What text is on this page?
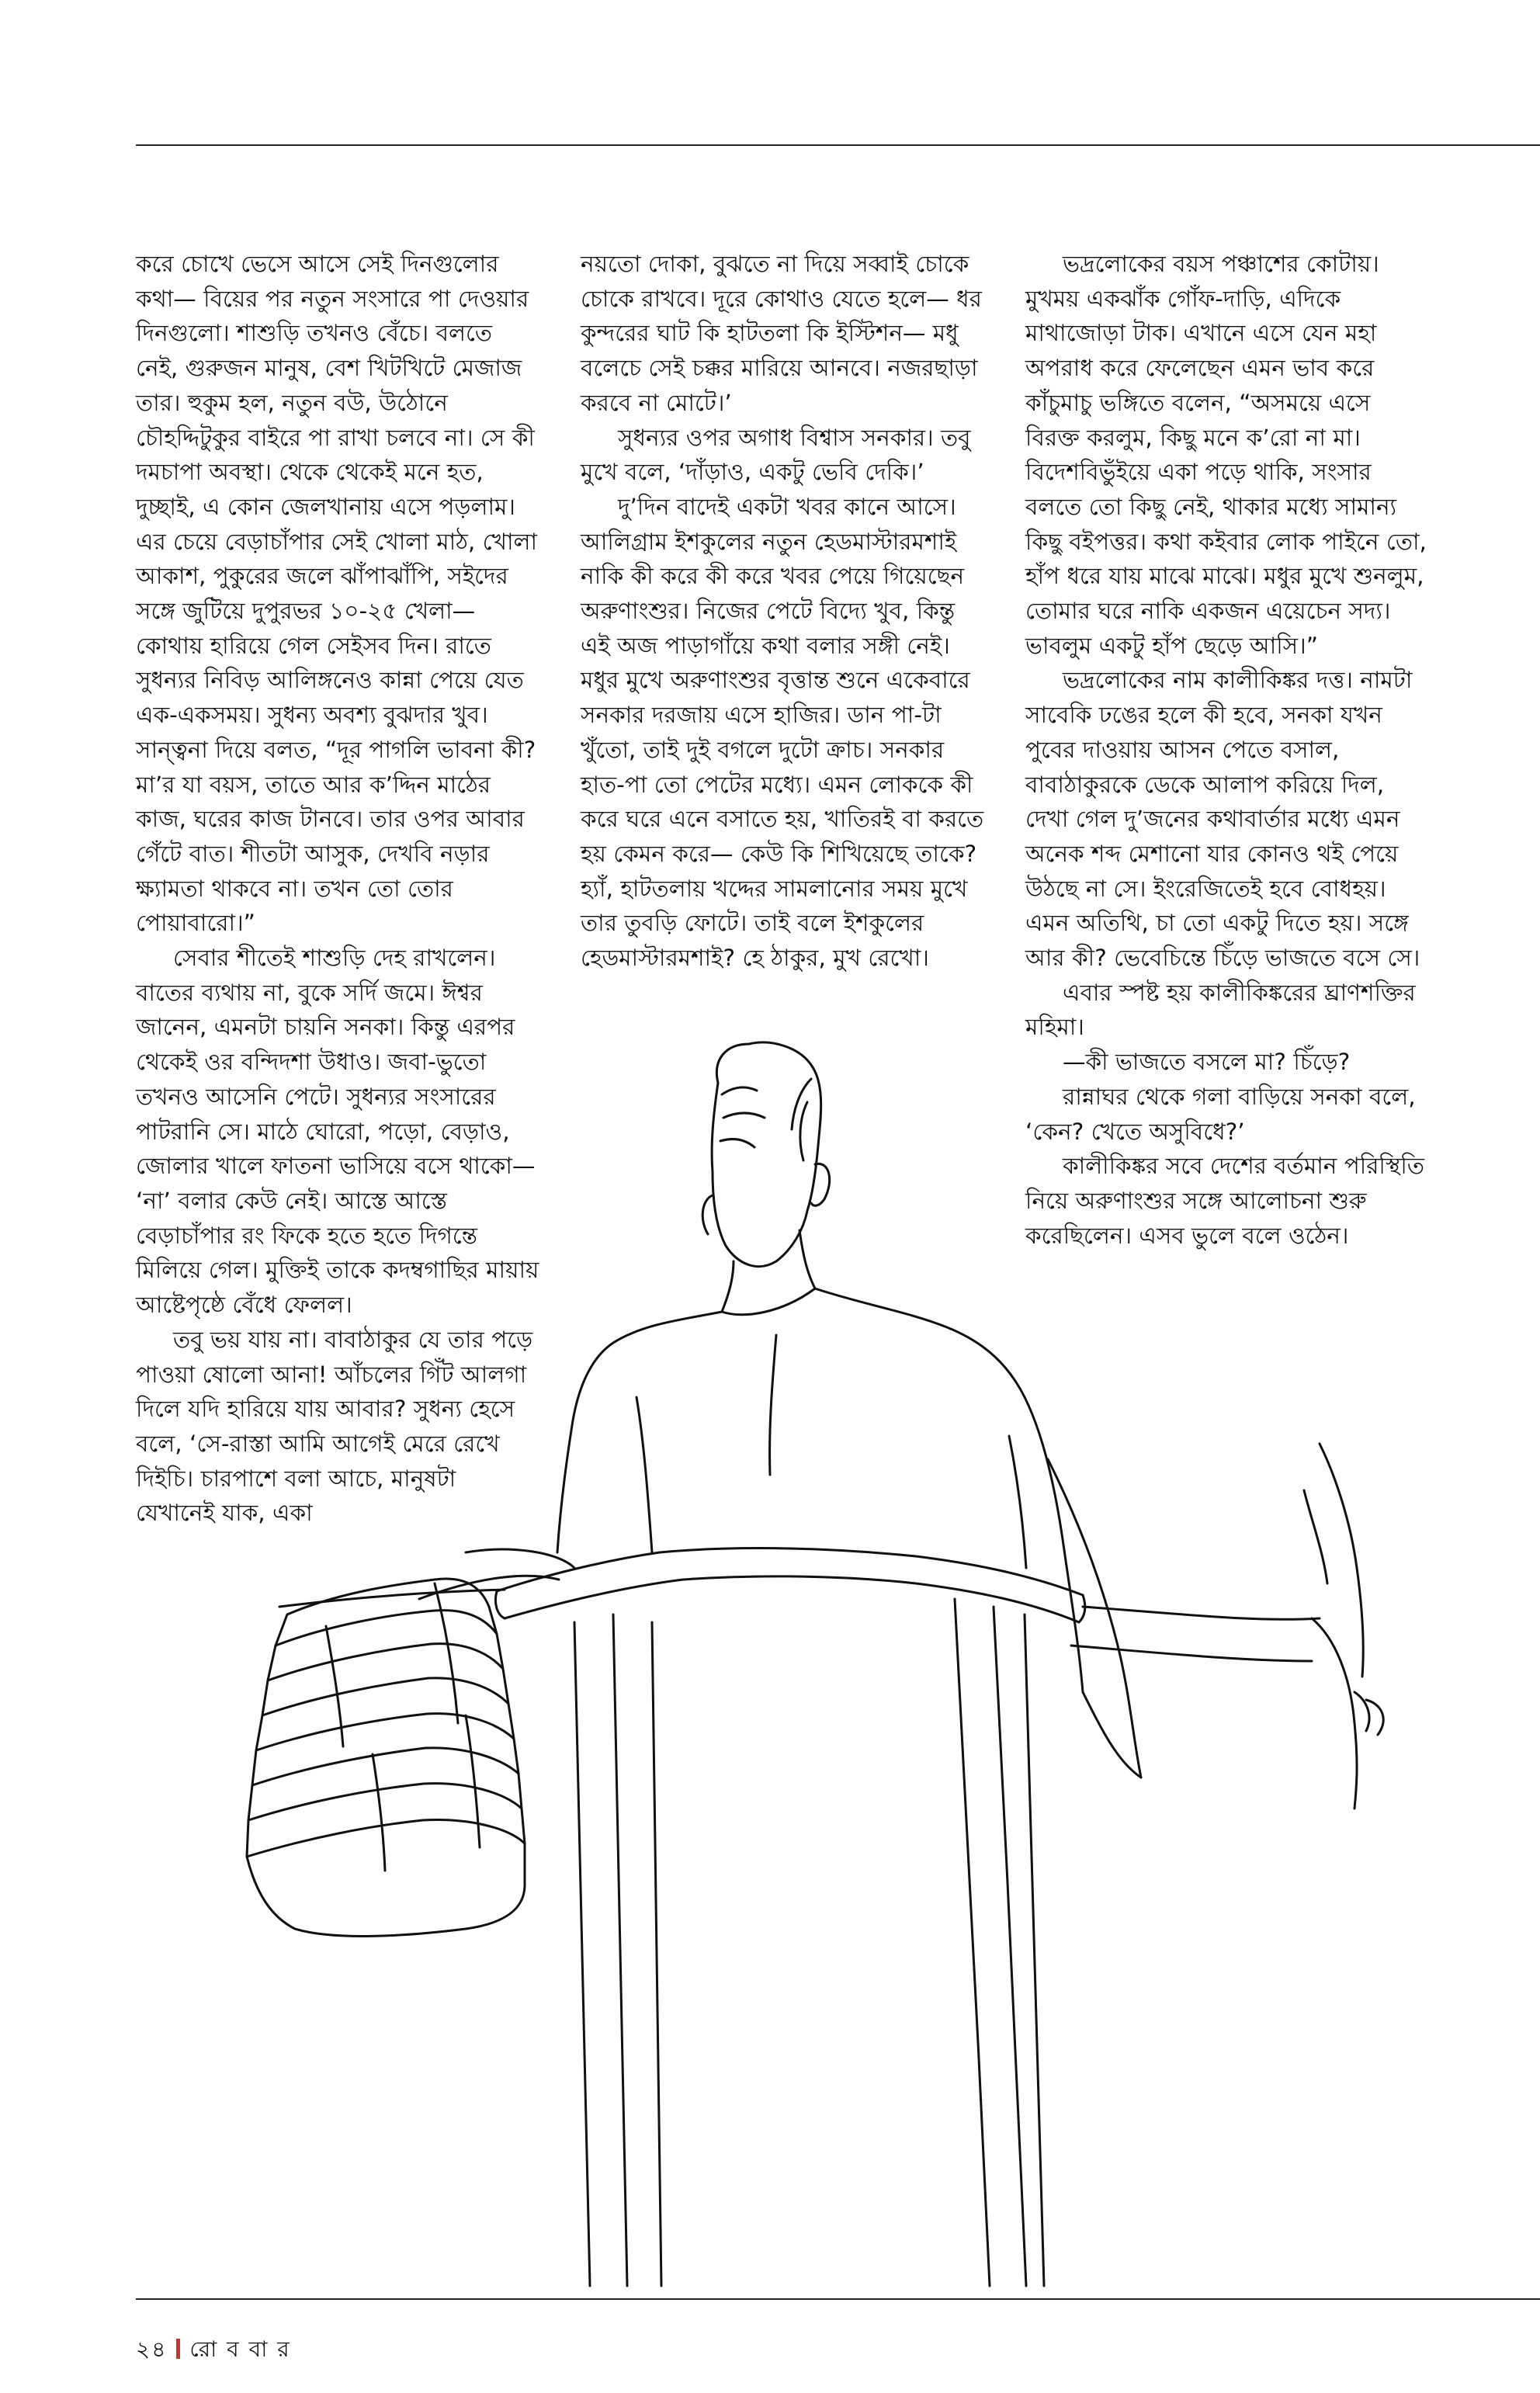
করে চোখে ভেসে আসে সেই দিনগুলোর কথা— বিয়ের পর নতুন সংসারে পা দেওয়ার দিনগুলো। শাশুড়ি তখনও বেঁচে। বলতে নেই, গুরুজন মানুষ, বেশ খিটখিটে মেজাজ তার। হুকুম হল, নতুন বউ, উঠোনে চৌহদ্দিটুকুর বাইরে পা রাখা চলবে না। সে কী দমচাপা অবস্থা। থেকে থেকেই মনে হত, দুচ্ছাই, এ কোন জেলখানায় এসে পড়লাম। এর চেয়ে বেড়াচাঁপার সেই খোলা মাঠ, খোলা আকাশ, পুকুরের জলে ঝাঁপাঝাঁপি, সইদের সঙ্গে জুটিয়ে দুপুরভর ১০-২৫ খেলা— কোথায় হারিয়ে গেল সেইসব দিন। রাতে সুধন্যর নিবিড় আলিঙ্গনেও কান্না পেয়ে যেত এক-একসময়। সুধন্য অবশ্য বুঝদার খুব। সান্ত্বনা দিয়ে বলত, “দূর পাগলি ভাবনা কী? মা’র যা বয়স, তাতে আর ক’দ্দিন মাঠের কাজ, ঘরের কাজ টানবে। তার ওপর আবার গেঁটে বাত। শীতটা আসুক, দেখবি নড়ার ক্ষ্যামতা থাকবে না। তখন তো তোর পোয়াবারো।”

সেবার শীতেই শাশুড়ি দেহ রাখলেন। বাতের ব্যথায় না, বুকে সর্দি জমে। ঈশ্বর জানেন, এমনটা চায়নি সনকা। কিন্তু এরপর থেকেই ওর বন্দিদশা উধাও। জবা-ভুতো তখনও আসেনি পেটে। সুধন্যর সংসারের পাটরানি সে। মাঠে ঘোরো, পড়ো, বেড়াও, জোলার খালে ফাতনা ভাসিয়ে বসে থাকো— ‘না’ বলার কেউ নেই। আস্তে আস্তে বেড়াচাঁপার রং ফিকে হতে হতে দিগন্তে মিলিয়ে গেল। মুক্তিই তাকে কদম্বগাছির মায়ায় আষ্টেপৃষ্ঠে বেঁধে ফেলল।

তবু ভয় যায় না। বাবাঠাকুর যে তার পড়ে পাওয়া ষোলো আনা! আঁচলের গিঁট আলগা দিলে যদি হারিয়ে যায় আবার? সুধন্য হেসে বলে, ‘সে-রাস্তা আমি আগেই মেরে রেখে দিইচি। চারপাশে বলা আচে, মানুষটা যেখানেই যাক, একা

নয়তো দোকা, বুঝতে না দিয়ে সব্বাই চোকে চোকে রাখবে। দূরে কোথাও যেতে হলে— ধর কুন্দরের ঘাট কি হাটতলা কি ইস্টিশন— মধু বলেচে সেই চক্কর মারিয়ে আনবে। নজরছাড়া করবে না মোটে।’

সুধন্যর ওপর অগাধ বিশ্বাস সনকার। তবু মুখে বলে, ‘দাঁড়াও, একটু ভেবি দেকি।’

দু’দিন বাদেই একটা খবর কানে আসে। আলিগ্রাম ইশকুলের নতুন হেডমাস্টারমশাই নাকি কী করে কী করে খবর পেয়ে গিয়েছেন অরুণাংশুর। নিজের পেটে বিদ্যে খুব, কিন্তু এই অজ পাড়াগাঁয়ে কথা বলার সঙ্গী নেই। মধুর মুখে অরুণাংশুর বৃত্তান্ত শুনে একেবারে সনকার দরজায় এসে হাজির। ডান পা-টা খুঁতো, তাই দুই বগলে দুটো ক্রাচ। সনকার হাত-পা তো পেটের মধ্যে। এমন লোককে কী করে ঘরে এনে বসাতে হয়, খাতিরই বা করতে হয় কেমন করে— কেউ কি শিখিয়েছে তাকে? হ্যাঁ, হাটতলায় খদ্দের সামলানোর সময় মুখে তার তুবড়ি ফোটে। তাই বলে ইশকুলের হেডমাস্টারমশাই? হে ঠাকুর, মুখ রেখো।

ভদ্রলোকের বয়স পঞ্চাশের কোটায়। মুখময় একঝাঁক গোঁফ-দাড়ি, এদিকে মাথাজোড়া টাক। এখানে এসে যেন মহা অপরাধ করে ফেলেছেন এমন ভাব করে কাঁচুমাচু ভঙ্গিতে বলেন, “অসময়ে এসে বিরক্ত করলুম, কিছু মনে ক’রো না মা। বিদেশবিভুঁইয়ে একা পড়ে থাকি, সংসার বলতে তো কিছু নেই, থাকার মধ্যে সামান্য কিছু বইপত্তর। কথা কইবার লোক পাইনে তো, হাঁপ ধরে যায় মাঝে মাঝে। মধুর মুখে শুনলুম, তোমার ঘরে নাকি একজন এয়েচেন সদ্য। ভাবলুম একটু হাঁপ ছেড়ে আসি।”

ভদ্রলোকের নাম কালীকিঙ্কর দত্ত। নামটা সাবেকি ঢঙের হলে কী হবে, সনকা যখন পুবের দাওয়ায় আসন পেতে বসাল, বাবাঠাকুরকে ডেকে আলাপ করিয়ে দিল, দেখা গেল দু’জনের কথাবার্তার মধ্যে এমন অনেক শব্দ মেশানো যার কোনও থই পেয়ে উঠছে না সে। ইংরেজিতেই হবে বোধহয়। এমন অতিথি, চা তো একটু দিতে হয়। সঙ্গে আর কী? ভেবেচিন্তে চিঁড়ে ভাজতে বসে সে।

এবার স্পষ্ট হয় কালীকিঙ্করের ঘ্রাণশক্তির মহিমা।

—কী ভাজতে বসলে মা? চিঁড়ে?

রান্নাঘর থেকে গলা বাড়িয়ে সনকা বলে, ‘কেন? খেতে অসুবিধে?’

কালীকিঙ্কর সবে দেশের বর্তমান পরিস্থিতি নিয়ে অরুণাংশুর সঙ্গে আলোচনা শুরু করেছিলেন। এসব ভুলে বলে ওঠেন।

২৪ রো ব বা র
